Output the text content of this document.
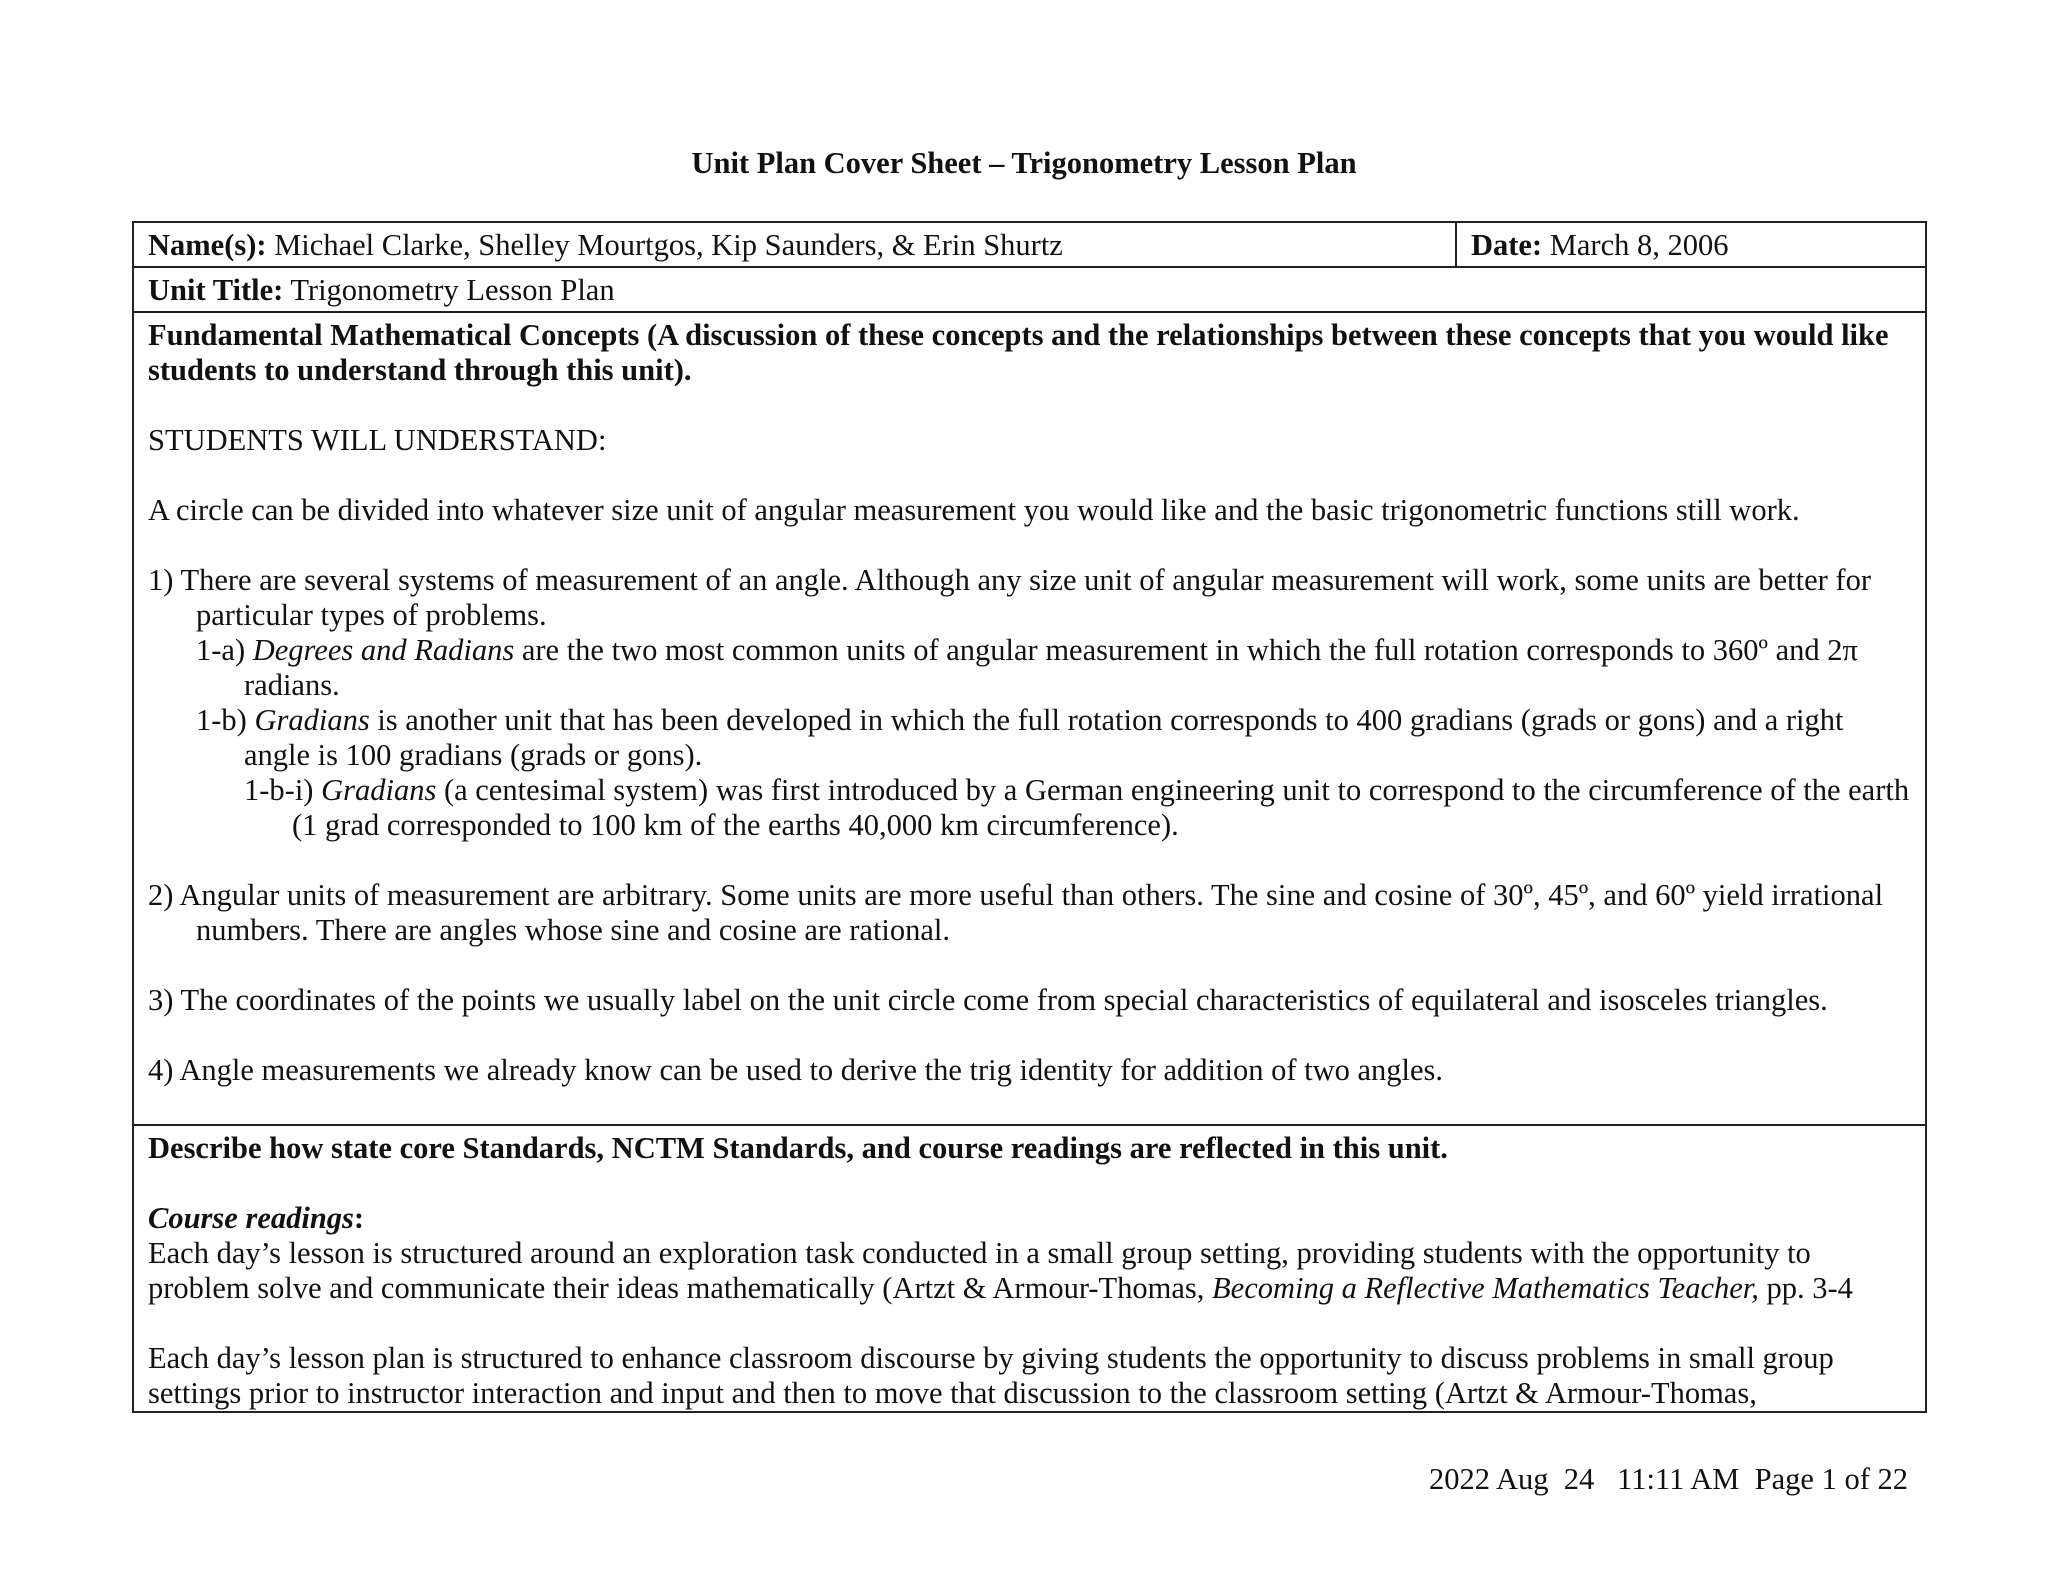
Unit Plan Cover Sheet – Trigonometry Lesson Plan
Name(s): Michael Clarke, Shelley Mourtgos, Kip Saunders, & Erin Shurtz	Date: March 8, 2006
Unit Title: Trigonometry Lesson Plan

Fundamental Mathematical Concepts (A discussion of these concepts and the relationships between these concepts that you would like students to understand through this unit).

STUDENTS WILL UNDERSTAND:

A circle can be divided into whatever size unit of angular measurement you would like and the basic trigonometric functions still work.

1) There are several systems of measurement of an angle. Although any size unit of angular measurement will work, some units are better for particular types of problems.

1-a) Degrees and Radians are the two most common units of angular measurement in which the full rotation corresponds to 360º and 2π radians.

1-b) Gradians is another unit that has been developed in which the full rotation corresponds to 400 gradians (grads or gons) and a right angle is 100 gradians (grads or gons).

1-b-i) Gradians (a centesimal system) was first introduced by a German engineering unit to correspond to the circumference of the earth (1 grad corresponded to 100 km of the earths 40,000 km circumference).

2) Angular units of measurement are arbitrary. Some units are more useful than others. The sine and cosine of 30º, 45º, and 60º yield irrational numbers. There are angles whose sine and cosine are rational.

3) The coordinates of the points we usually label on the unit circle come from special characteristics of equilateral and isosceles triangles.

4) Angle measurements we already know can be used to derive the trig identity for addition of two angles.

Describe how state core Standards, NCTM Standards, and course readings are reflected in this unit.

Course readings:

Each day’s lesson is structured around an exploration task conducted in a small group setting, providing students with the opportunity to problem solve and communicate their ideas mathematically (Artzt & Armour-Thomas, Becoming a Reflective Mathematics Teacher, pp. 3-4

Each day’s lesson plan is structured to enhance classroom discourse by giving students the opportunity to discuss problems in small group settings prior to instructor interaction and input and then to move that discussion to the classroom setting (Artzt & Armour-Thomas,

2022 Aug  24   11:11 AM  Page 1 of 22
